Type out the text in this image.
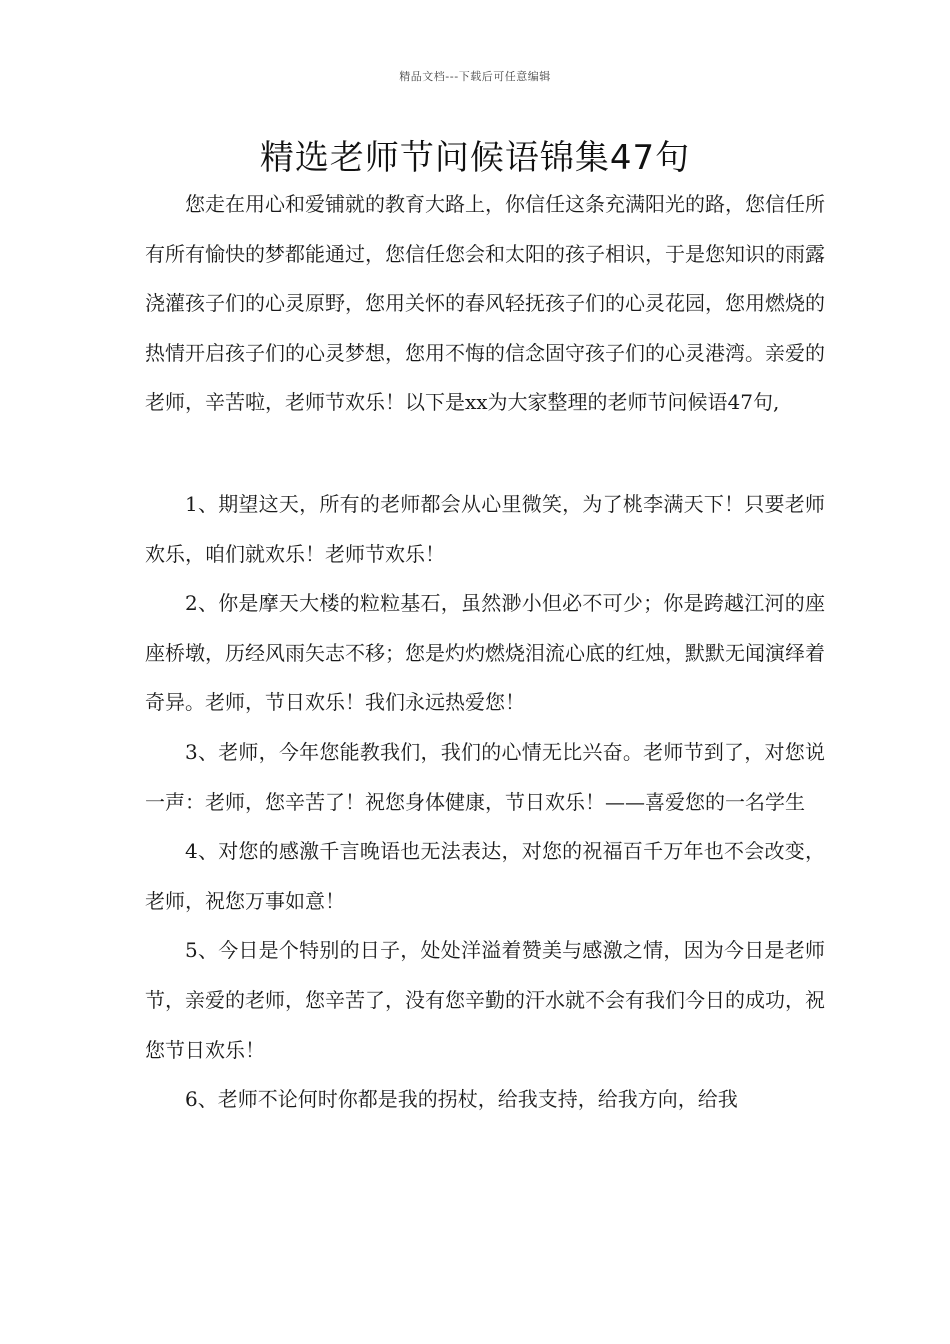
精品文档---下载后可任意编辑
精选老师节问候语锦集47句

您走在用心和爱铺就的教育大路上，你信任这条充满阳光的路，您信任所有所有愉快的梦都能通过，您信任您会和太阳的孩子相识，于是您知识的雨露浇灌孩子们的心灵原野，您用关怀的春风轻抚孩子们的心灵花园，您用燃烧的热情开启孩子们的心灵梦想，您用不悔的信念固守孩子们的心灵港湾。亲爱的老师，辛苦啦，老师节欢乐！以下是xx为大家整理的老师节问候语47句,

1、期望这天，所有的老师都会从心里微笑，为了桃李满天下！只要老师欢乐，咱们就欢乐！老师节欢乐！

2、你是摩天大楼的粒粒基石，虽然渺小但必不可少；你是跨越江河的座座桥墩，历经风雨矢志不移；您是灼灼燃烧泪流心底的红烛，默默无闻演绎着奇异。老师，节日欢乐！我们永远热爱您！

3、老师，今年您能教我们，我们的心情无比兴奋。老师节到了，对您说一声：老师，您辛苦了！祝您身体健康，节日欢乐！——喜爱您的一名学生

4、对您的感激千言晚语也无法表达，对您的祝福百千万年也不会改变，老师，祝您万事如意！

5、今日是个特别的日子，处处洋溢着赞美与感激之情，因为今日是老师节，亲爱的老师，您辛苦了，没有您辛勤的汗水就不会有我们今日的成功，祝您节日欢乐！

6、老师不论何时你都是我的拐杖，给我支持，给我方向，给我
